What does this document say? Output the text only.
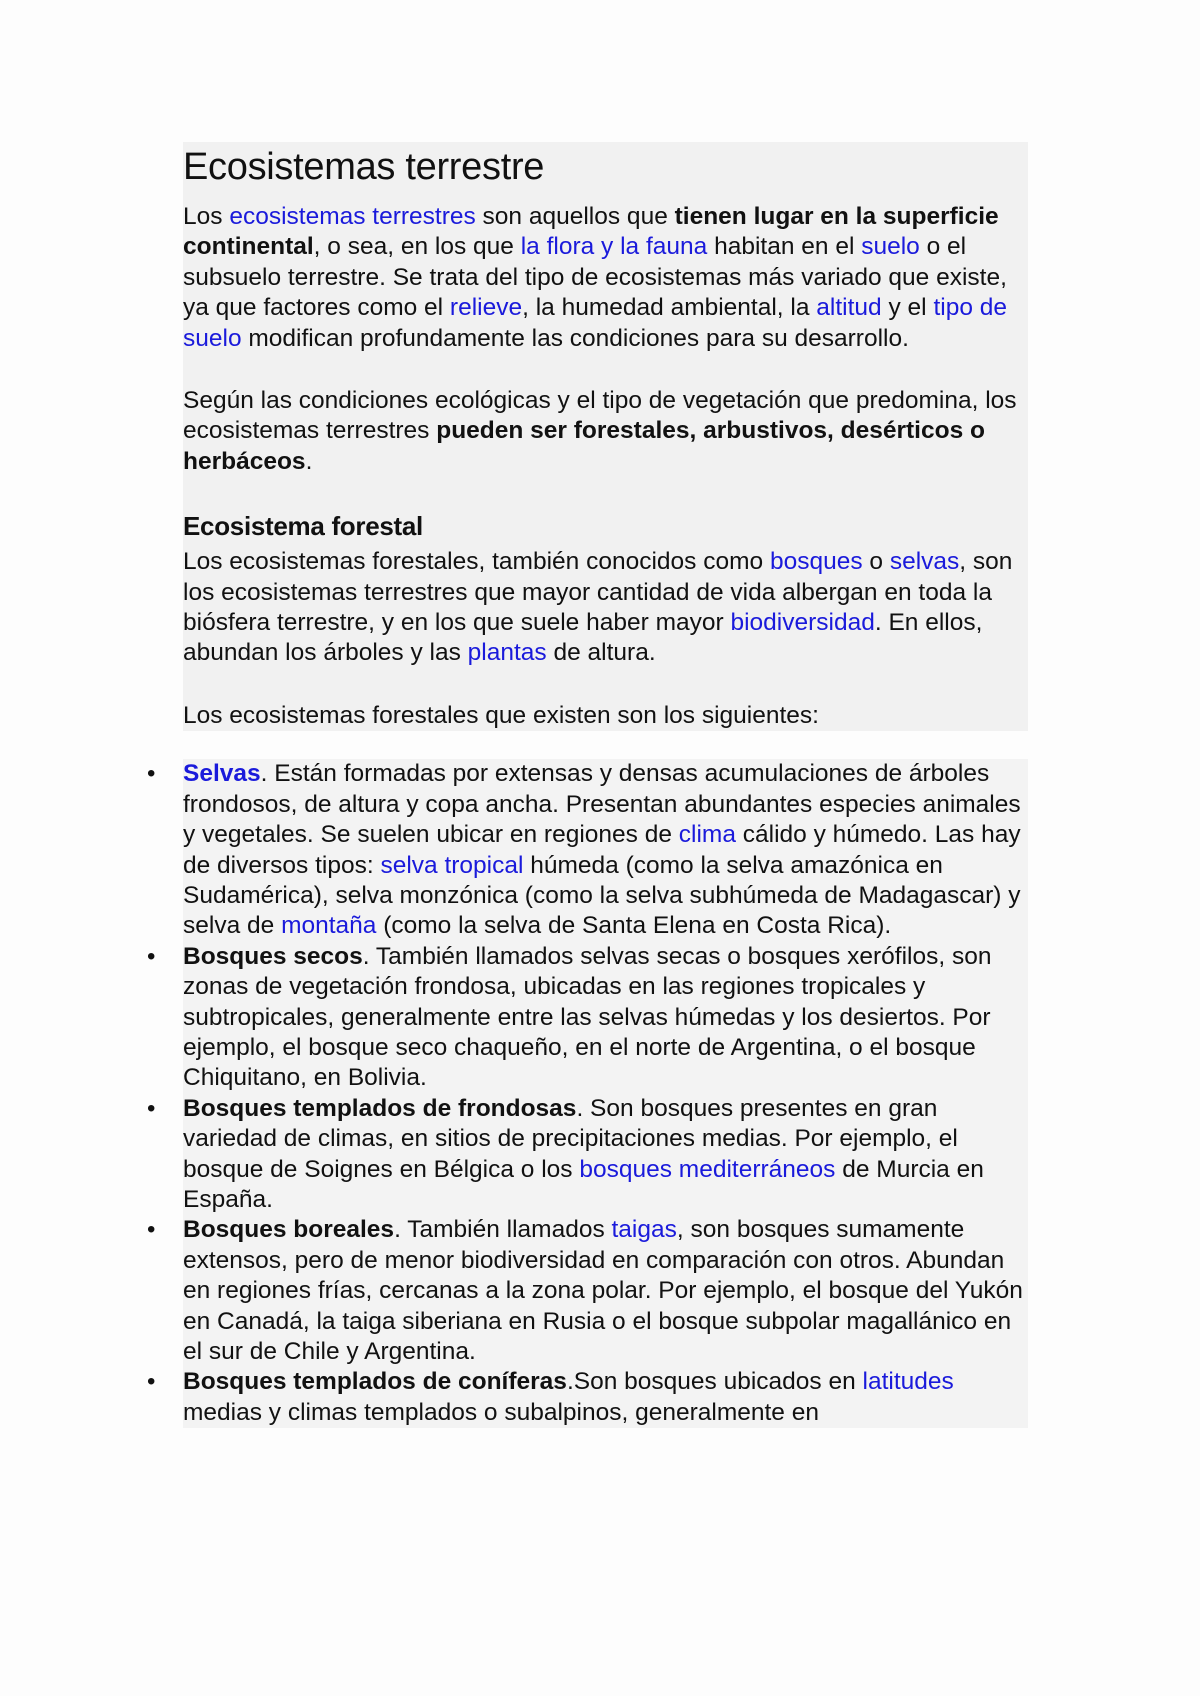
Ecosistemas terrestre

Los ecosistemas terrestres son aquellos que tienen lugar en la superficie continental, o sea, en los que la flora y la fauna habitan en el suelo o el subsuelo terrestre. Se trata del tipo de ecosistemas más variado que existe, ya que factores como el relieve, la humedad ambiental, la altitud y el tipo de suelo modifican profundamente las condiciones para su desarrollo.

Según las condiciones ecológicas y el tipo de vegetación que predomina, los ecosistemas terrestres pueden ser forestales, arbustivos, desérticos o herbáceos.

Ecosistema forestal

Los ecosistemas forestales, también conocidos como bosques o selvas, son los ecosistemas terrestres que mayor cantidad de vida albergan en toda la biósfera terrestre, y en los que suele haber mayor biodiversidad. En ellos, abundan los árboles y las plantas de altura.

Los ecosistemas forestales que existen son los siguientes:

• Selvas. Están formadas por extensas y densas acumulaciones de árboles frondosos, de altura y copa ancha. Presentan abundantes especies animales y vegetales. Se suelen ubicar en regiones de clima cálido y húmedo. Las hay de diversos tipos: selva tropical húmeda (como la selva amazónica en Sudamérica), selva monzónica (como la selva subhúmeda de Madagascar) y selva de montaña (como la selva de Santa Elena en Costa Rica).
• Bosques secos. También llamados selvas secas o bosques xerófilos, son zonas de vegetación frondosa, ubicadas en las regiones tropicales y subtropicales, generalmente entre las selvas húmedas y los desiertos. Por ejemplo, el bosque seco chaqueño, en el norte de Argentina, o el bosque Chiquitano, en Bolivia.
• Bosques templados de frondosas. Son bosques presentes en gran variedad de climas, en sitios de precipitaciones medias. Por ejemplo, el bosque de Soignes en Bélgica o los bosques mediterráneos de Murcia en España.
• Bosques boreales. También llamados taigas, son bosques sumamente extensos, pero de menor biodiversidad en comparación con otros. Abundan en regiones frías, cercanas a la zona polar. Por ejemplo, el bosque del Yukón en Canadá, la taiga siberiana en Rusia o el bosque subpolar magallánico en el sur de Chile y Argentina.
• Bosques templados de coníferas.Son bosques ubicados en latitudes medias y climas templados o subalpinos, generalmente en
